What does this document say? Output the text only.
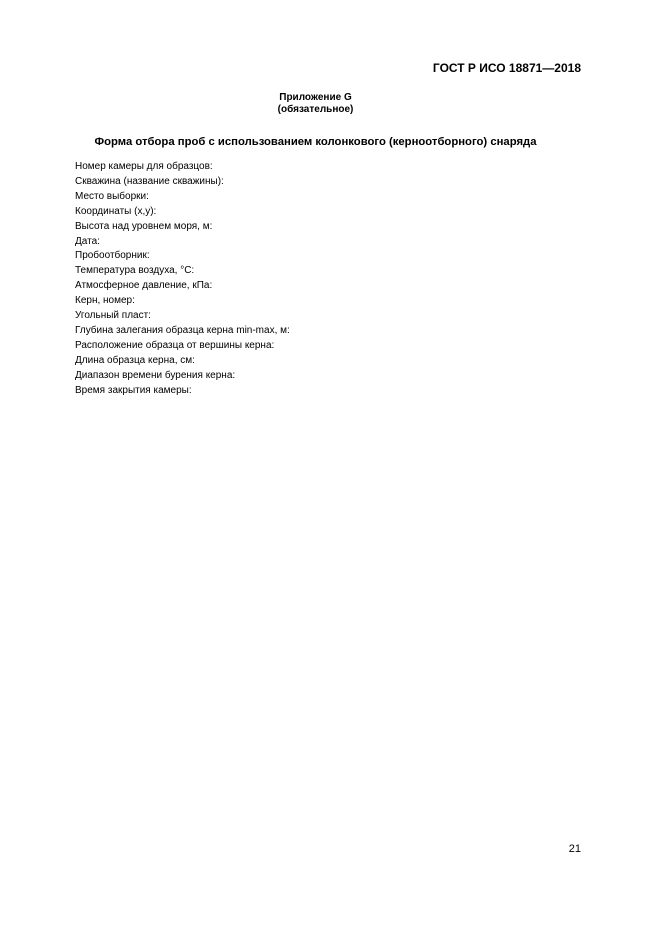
ГОСТ Р ИСО 18871—2018
Приложение G
(обязательное)
Форма отбора проб с использованием колонкового (керноотборного) снаряда
Номер камеры для образцов:
Скважина (название скважины):
Место выборки:
Координаты (x,y):
Высота над уровнем моря, м:
Дата:
Пробоотборник:
Температура воздуха, °С:
Атмосферное давление, кПа:
Керн, номер:
Угольный пласт:
Глубина залегания образца керна min-max, м:
Расположение образца от вершины керна:
Длина образца керна, см:
Диапазон времени бурения керна:
Время закрытия камеры:
21
